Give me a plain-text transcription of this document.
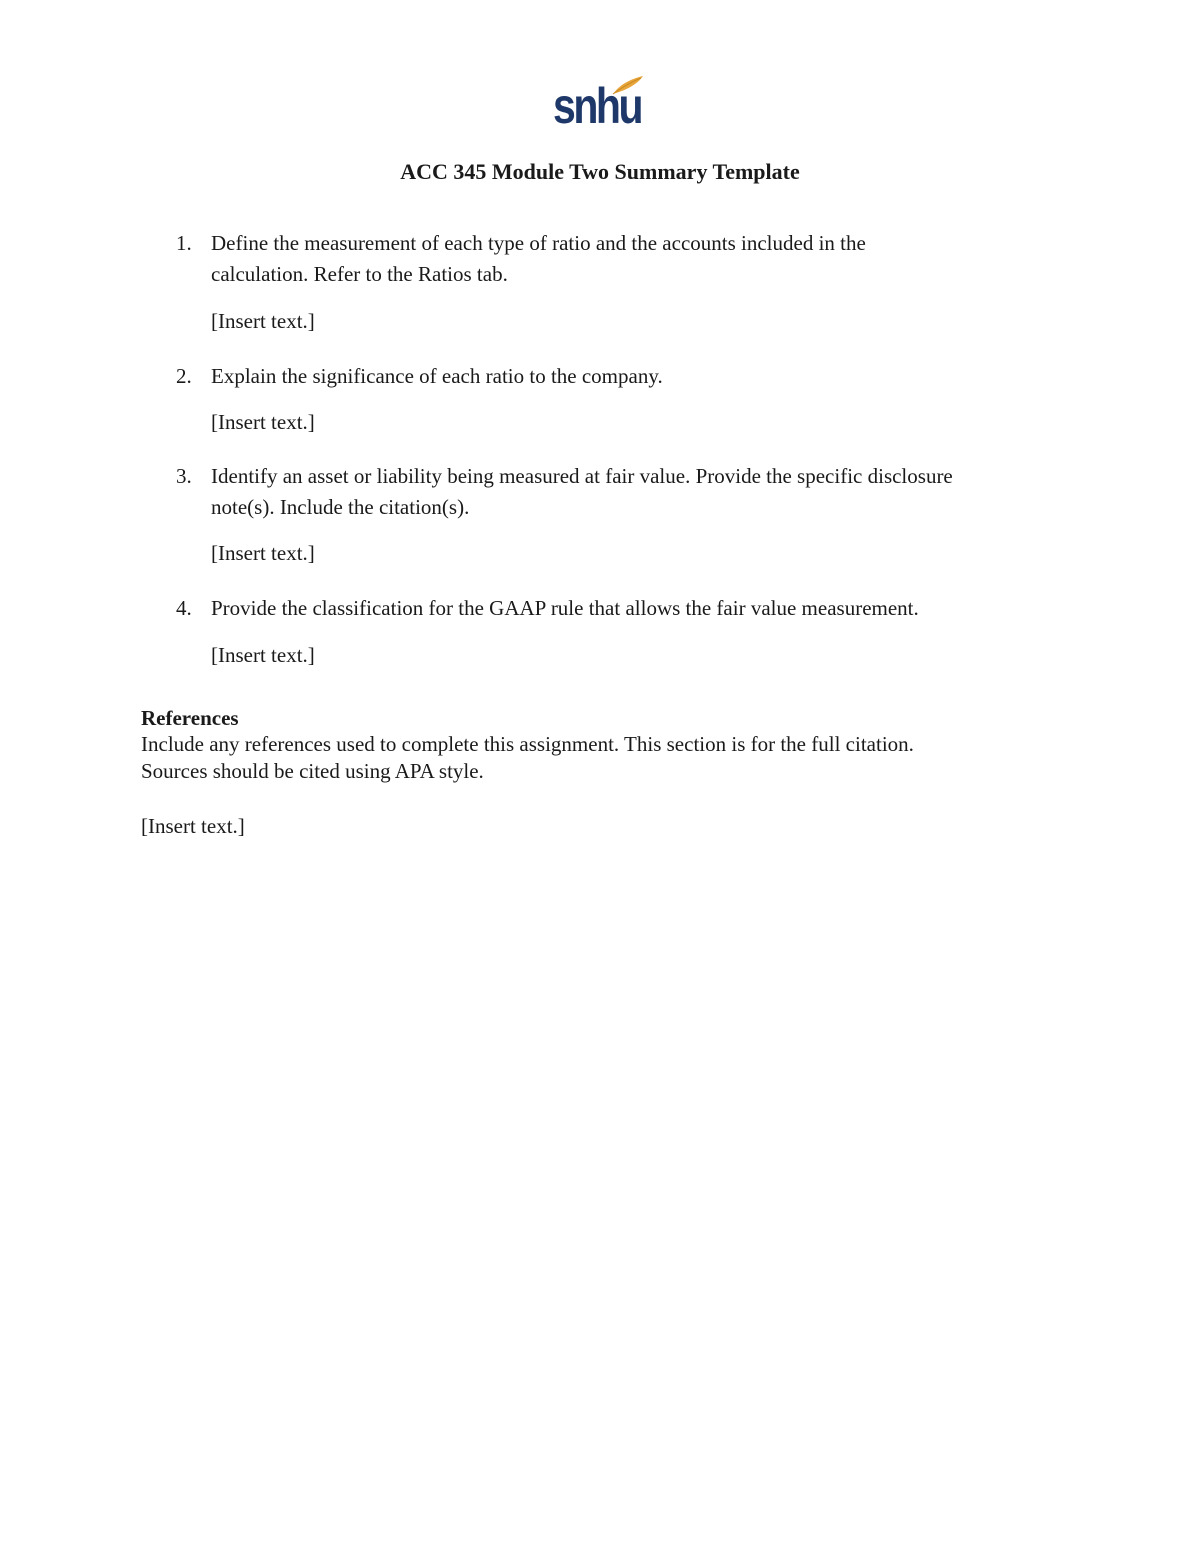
snhu
ACC 345 Module Two Summary Template
1. Define the measurement of each type of ratio and the accounts included in the
calculation. Refer to the Ratios tab.
[Insert text.]
2. Explain the significance of each ratio to the company.
[Insert text.]
3. Identify an asset or liability being measured at fair value. Provide the specific disclosure
note(s). Include the citation(s).
[Insert text.]
4. Provide the classification for the GAAP rule that allows the fair value measurement.
[Insert text.]
References
Include any references used to complete this assignment. This section is for the full citation.
Sources should be cited using APA style.
[Insert text.]
